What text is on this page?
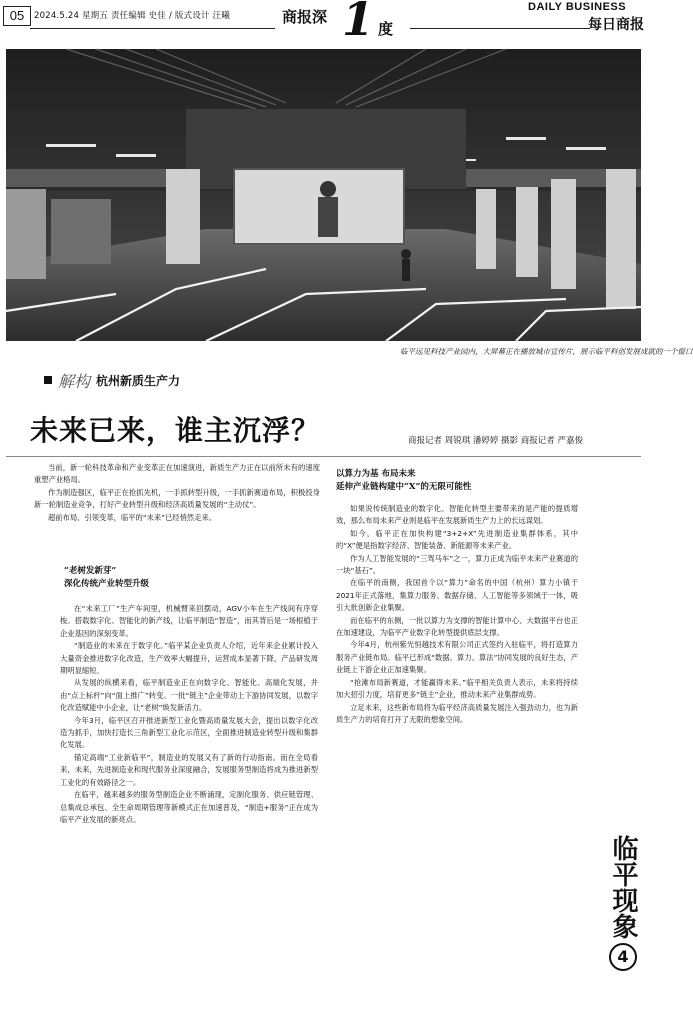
05	2024.5.24 星期五 责任编辑 史佳 / 版式设计 汪曦	商报深 1 度
DAILY BUSINESS
每日商报
临平远见科技产业园内，大屏幕正在播放城市宣传片，展示临平科创发展成就的一个窗口
解构 杭州新质生产力
未来已来，谁主沉浮？	商报记者 周锐琪 潘婷婷 摄影 商报记者 严嘉俊

当前，新一轮科技革命和产业变革正在加速演进，新质生产力正在以前所未有的速度重塑产业格局。

作为制造强区，临平正在抢抓先机，一手抓转型升级，一手抓新赛道布局，积极投身新一轮制造业竞争，打好产业转型升级和经济高质量发展的“主动仗”。

超前布局、引领变革，临平的“未来”已经悄然走来。

“老树发新芽”

深化传统产业转型升级

在“未来工厂”生产车间里，机械臂来回摆动，AGV小车在生产线间有序穿梭。搭载数字化、智能化的新产线，让临平制造“智造”，而其背后是一场根植于企业基因的深刻变革。

“制造业的未来在于数字化。”临平某企业负责人介绍，近年来企业累计投入大量资金推进数字化改造，生产效率大幅提升，运营成本显著下降，产品研发周期明显缩短。

从发展的纵横来看，临平制造业正在向数字化、智能化、高端化发展，并由“点上标杆”向“面上推广”转变。一批“链主”企业带动上下游协同发展，以数字化改造赋能中小企业，让“老树”焕发新活力。

今年3月，临平区召开推进新型工业化暨高质量发展大会，提出以数字化改造为抓手，加快打造长三角新型工业化示范区，全面推进制造业转型升级和集群化发展。

锚定高端“工业新临平”，制造业的发展又有了新的行动指南。而在全局看来，未来，先进制造业和现代服务业深度融合，发展服务型制造将成为推进新型工业化的有效路径之一。

在临平，越来越多的服务型制造企业不断涌现，定制化服务、供应链管理、总集成总承包、全生命周期管理等新模式正在加速普及，“制造+服务”正在成为临平产业发展的新亮点。

以算力为基 布局未来

延伸产业链构建中“X”的无限可能性

如果说传统制造业的数字化、智能化转型主要带来的是产能的提质增效，那么布局未来产业则是临平在发展新质生产力上的长远谋划。

如今，临平正在加快构建“3+2+X”先进制造业集群体系，其中的“X”便是指数字经济、智能装备、新能源等未来产业。

作为人工智能发展的“三驾马车”之一，算力正成为临平未来产业赛道的一块“基石”。

在临平的南侧，我国首个以“算力”命名的中国（杭州）算力小镇于2021年正式落地，集算力服务、数据存储、人工智能等多领域于一体，吸引大批创新企业集聚。

而在临平的东侧，一批以算力为支撑的智能计算中心、大数据平台也正在加速建设，为临平产业数字化转型提供底层支撑。

今年4月，杭州紫光恒越技术有限公司正式签约入驻临平，将打造算力服务产业链布局。临平已形成“数据、算力、算法”协同发展的良好生态，产业链上下游企业正加速集聚。

“抢滩布局新赛道，才能赢得未来。”临平相关负责人表示，未来将持续加大招引力度，培育更多“链主”企业，推动未来产业集群成势。

立足未来，这些新布局将为临平经济高质量发展注入强劲动力，也为新质生产力的培育打开了无限的想象空间。

临平现象
4
